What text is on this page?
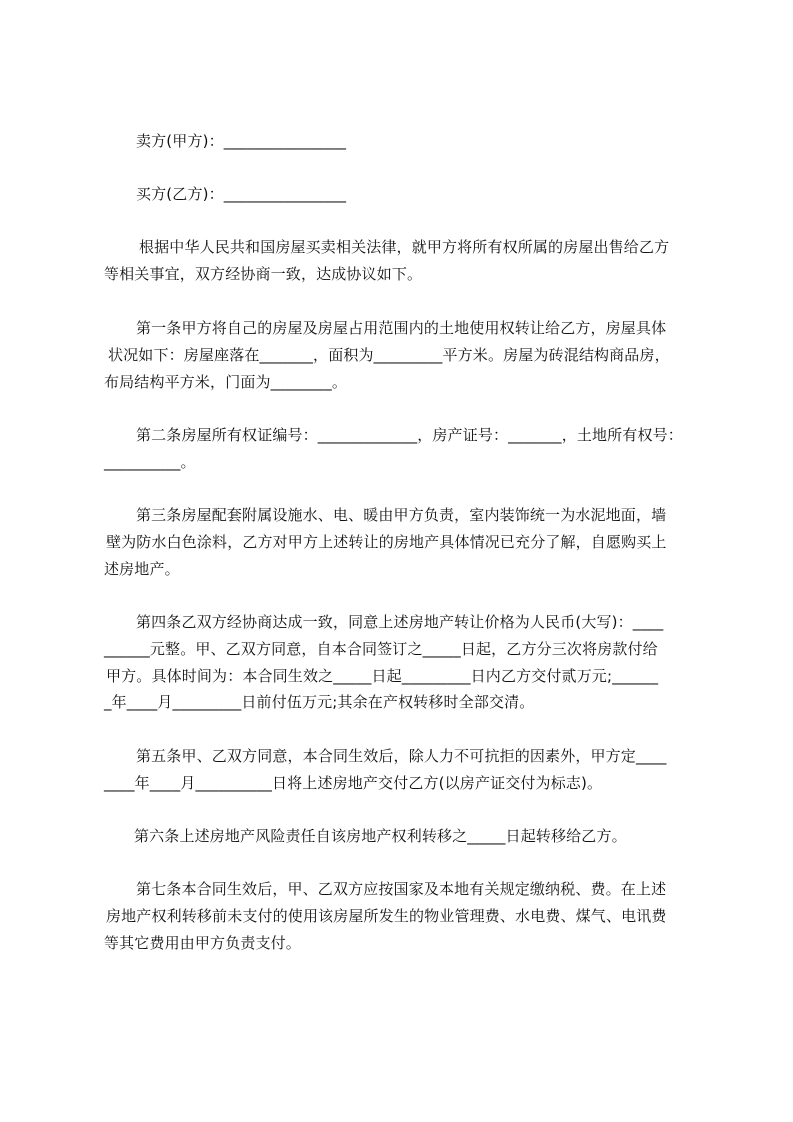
卖方(甲方)：________________
买方(乙方)：________________
根据中华人民共和国房屋买卖相关法律，就甲方将所有权所属的房屋出售给乙方
等相关事宜，双方经协商一致，达成协议如下。
第一条甲方将自己的房屋及房屋占用范围内的土地使用权转让给乙方，房屋具体
状况如下：房屋座落在_______，面积为_________平方米。房屋为砖混结构商品房，
布局结构平方米，门面为________。
第二条房屋所有权证编号：_____________，房产证号：_______，土地所有权号：
__________。
第三条房屋配套附属设施水、电、暖由甲方负责，室内装饰统一为水泥地面，墙
壁为防水白色涂料，乙方对甲方上述转让的房地产具体情况已充分了解，自愿购买上
述房地产。
第四条乙双方经协商达成一致，同意上述房地产转让价格为人民币(大写)：____
______元整。甲、乙双方同意，自本合同签订之_____日起，乙方分三次将房款付给
甲方。具体时间为：本合同生效之_____日起_________日内乙方交付贰万元;______
_年____月_________日前付伍万元;其余在产权转移时全部交清。
第五条甲、乙双方同意，本合同生效后，除人力不可抗拒的因素外，甲方定____
____年____月__________日将上述房地产交付乙方(以房产证交付为标志)。
第六条上述房地产风险责任自该房地产权利转移之_____日起转移给乙方。
第七条本合同生效后，甲、乙双方应按国家及本地有关规定缴纳税、费。在上述
房地产权利转移前未支付的使用该房屋所发生的物业管理费、水电费、煤气、电讯费
等其它费用由甲方负责支付。
